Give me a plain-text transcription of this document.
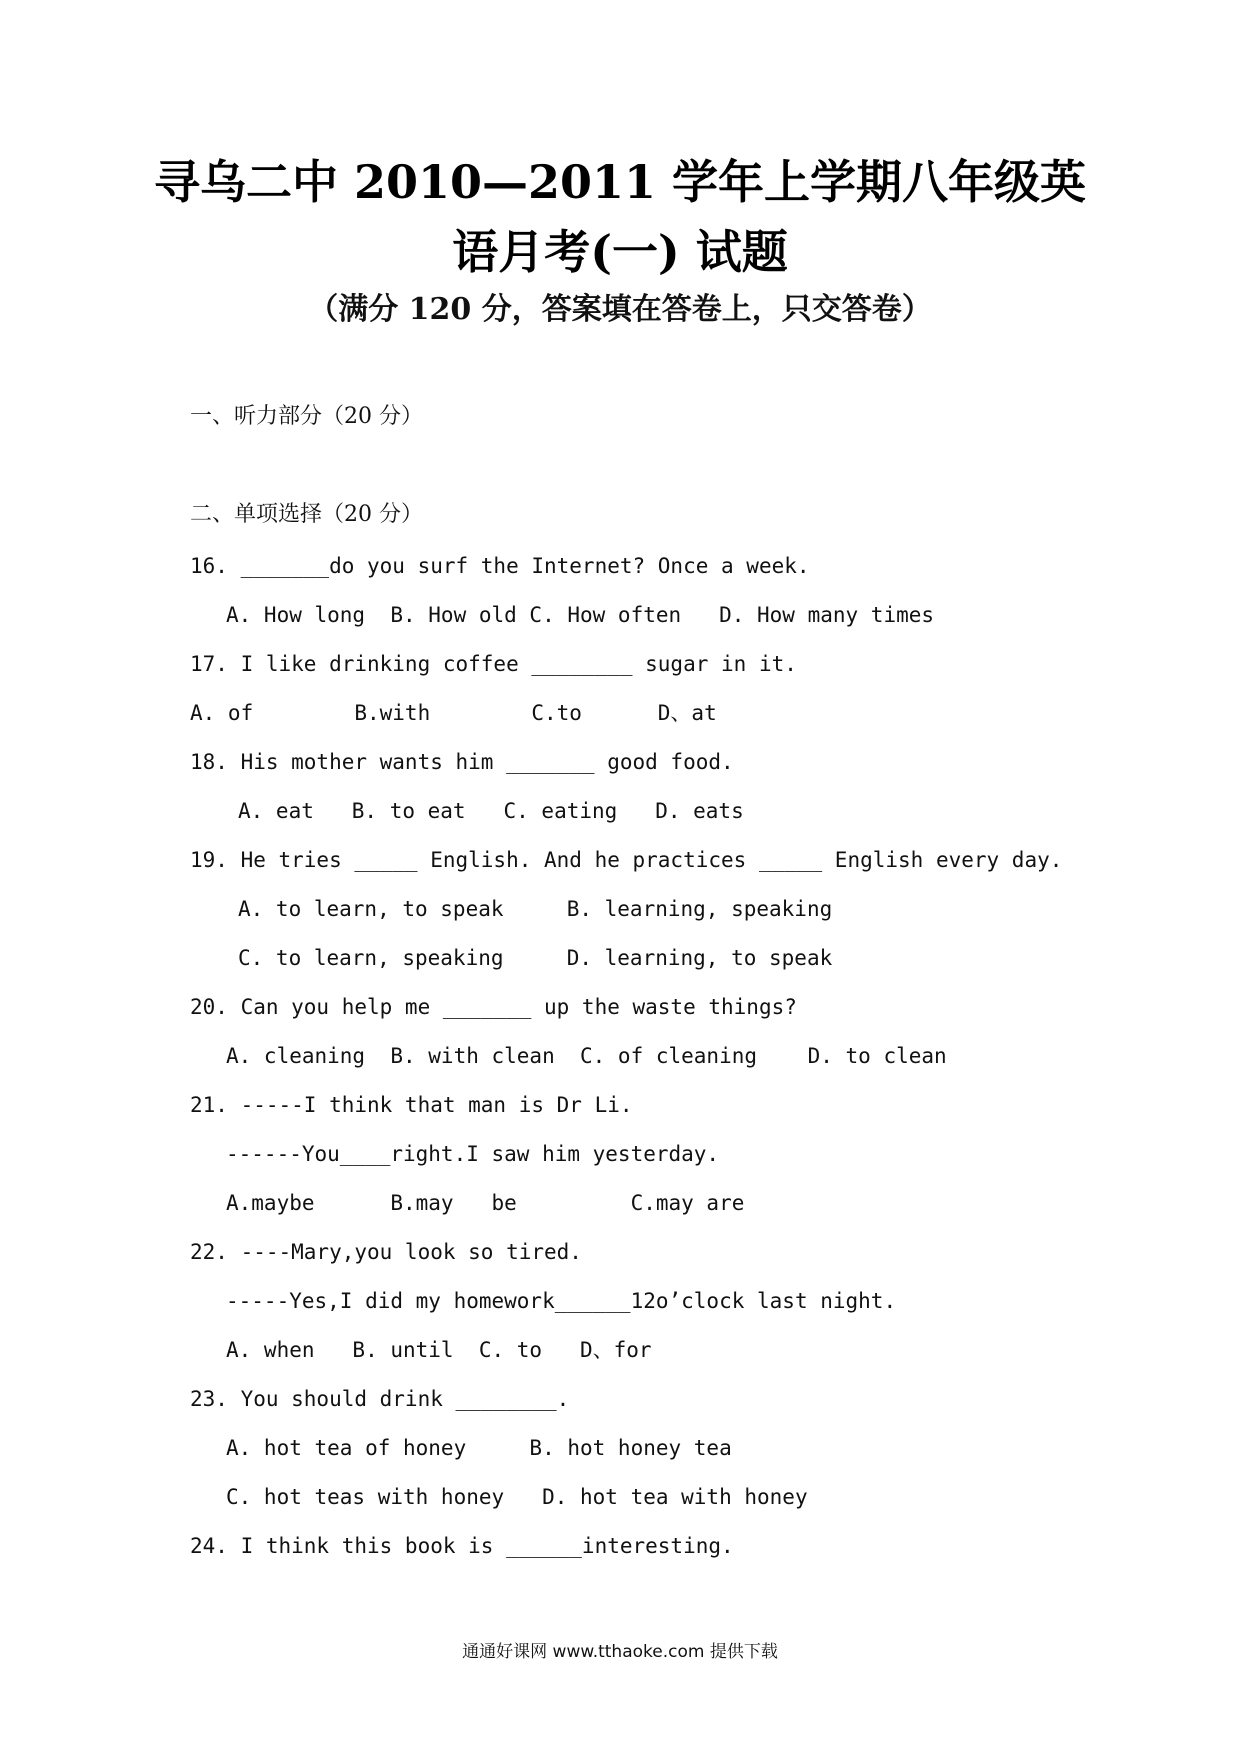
寻乌二中 2010—2011 学年上学期八年级英
语月考(一) 试题
（满分 120 分，答案填在答卷上，只交答卷）
一、听力部分（20 分）
二、单项选择（20 分）
16. _______do you surf the Internet? Once a week.
A. How long  B. How old C. How often   D. How many times
17. I like drinking coffee ________ sugar in it.
A. of        B.with        C.to      D、at
18. His mother wants him _______ good food.
A. eat   B. to eat   C. eating   D. eats
19. He tries _____ English. And he practices _____ English every day.
A. to learn, to speak     B. learning, speaking
C. to learn, speaking     D. learning, to speak
20. Can you help me _______ up the waste things?
A. cleaning  B. with clean  C. of cleaning    D. to clean
21. -----I think that man is Dr Li.
------You____right.I saw him yesterday.
A.maybe      B.may   be         C.may are
22. ----Mary,you look so tired.
-----Yes,I did my homework______12o’clock last night.
A. when   B. until  C. to   D、for
23. You should drink ________.
A. hot tea of honey     B. hot honey tea
C. hot teas with honey   D. hot tea with honey
24. I think this book is ______interesting.
通通好课网 www.tthaoke.com 提供下载
